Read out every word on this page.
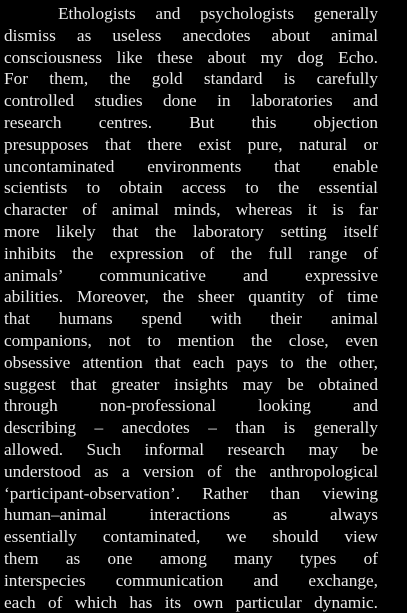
Ethologists and psychologists generally
dismiss as useless anecdotes about animal
consciousness like these about my dog Echo.
For them, the gold standard is carefully
controlled studies done in laboratories and
research centres. But this objection
presupposes that there exist pure, natural or
uncontaminated environments that enable
scientists to obtain access to the essential
character of animal minds, whereas it is far
more likely that the laboratory setting itself
inhibits the expression of the full range of
animals’ communicative and expressive
abilities. Moreover, the sheer quantity of time
that humans spend with their animal
companions, not to mention the close, even
obsessive attention that each pays to the other,
suggest that greater insights may be obtained
through non-professional looking and
describing – anecdotes – than is generally
allowed. Such informal research may be
understood as a version of the anthropological
‘participant-observation’. Rather than viewing
human–animal interactions as always
essentially contaminated, we should view
them as one among many types of
interspecies communication and exchange,
each of which has its own particular dynamic.
